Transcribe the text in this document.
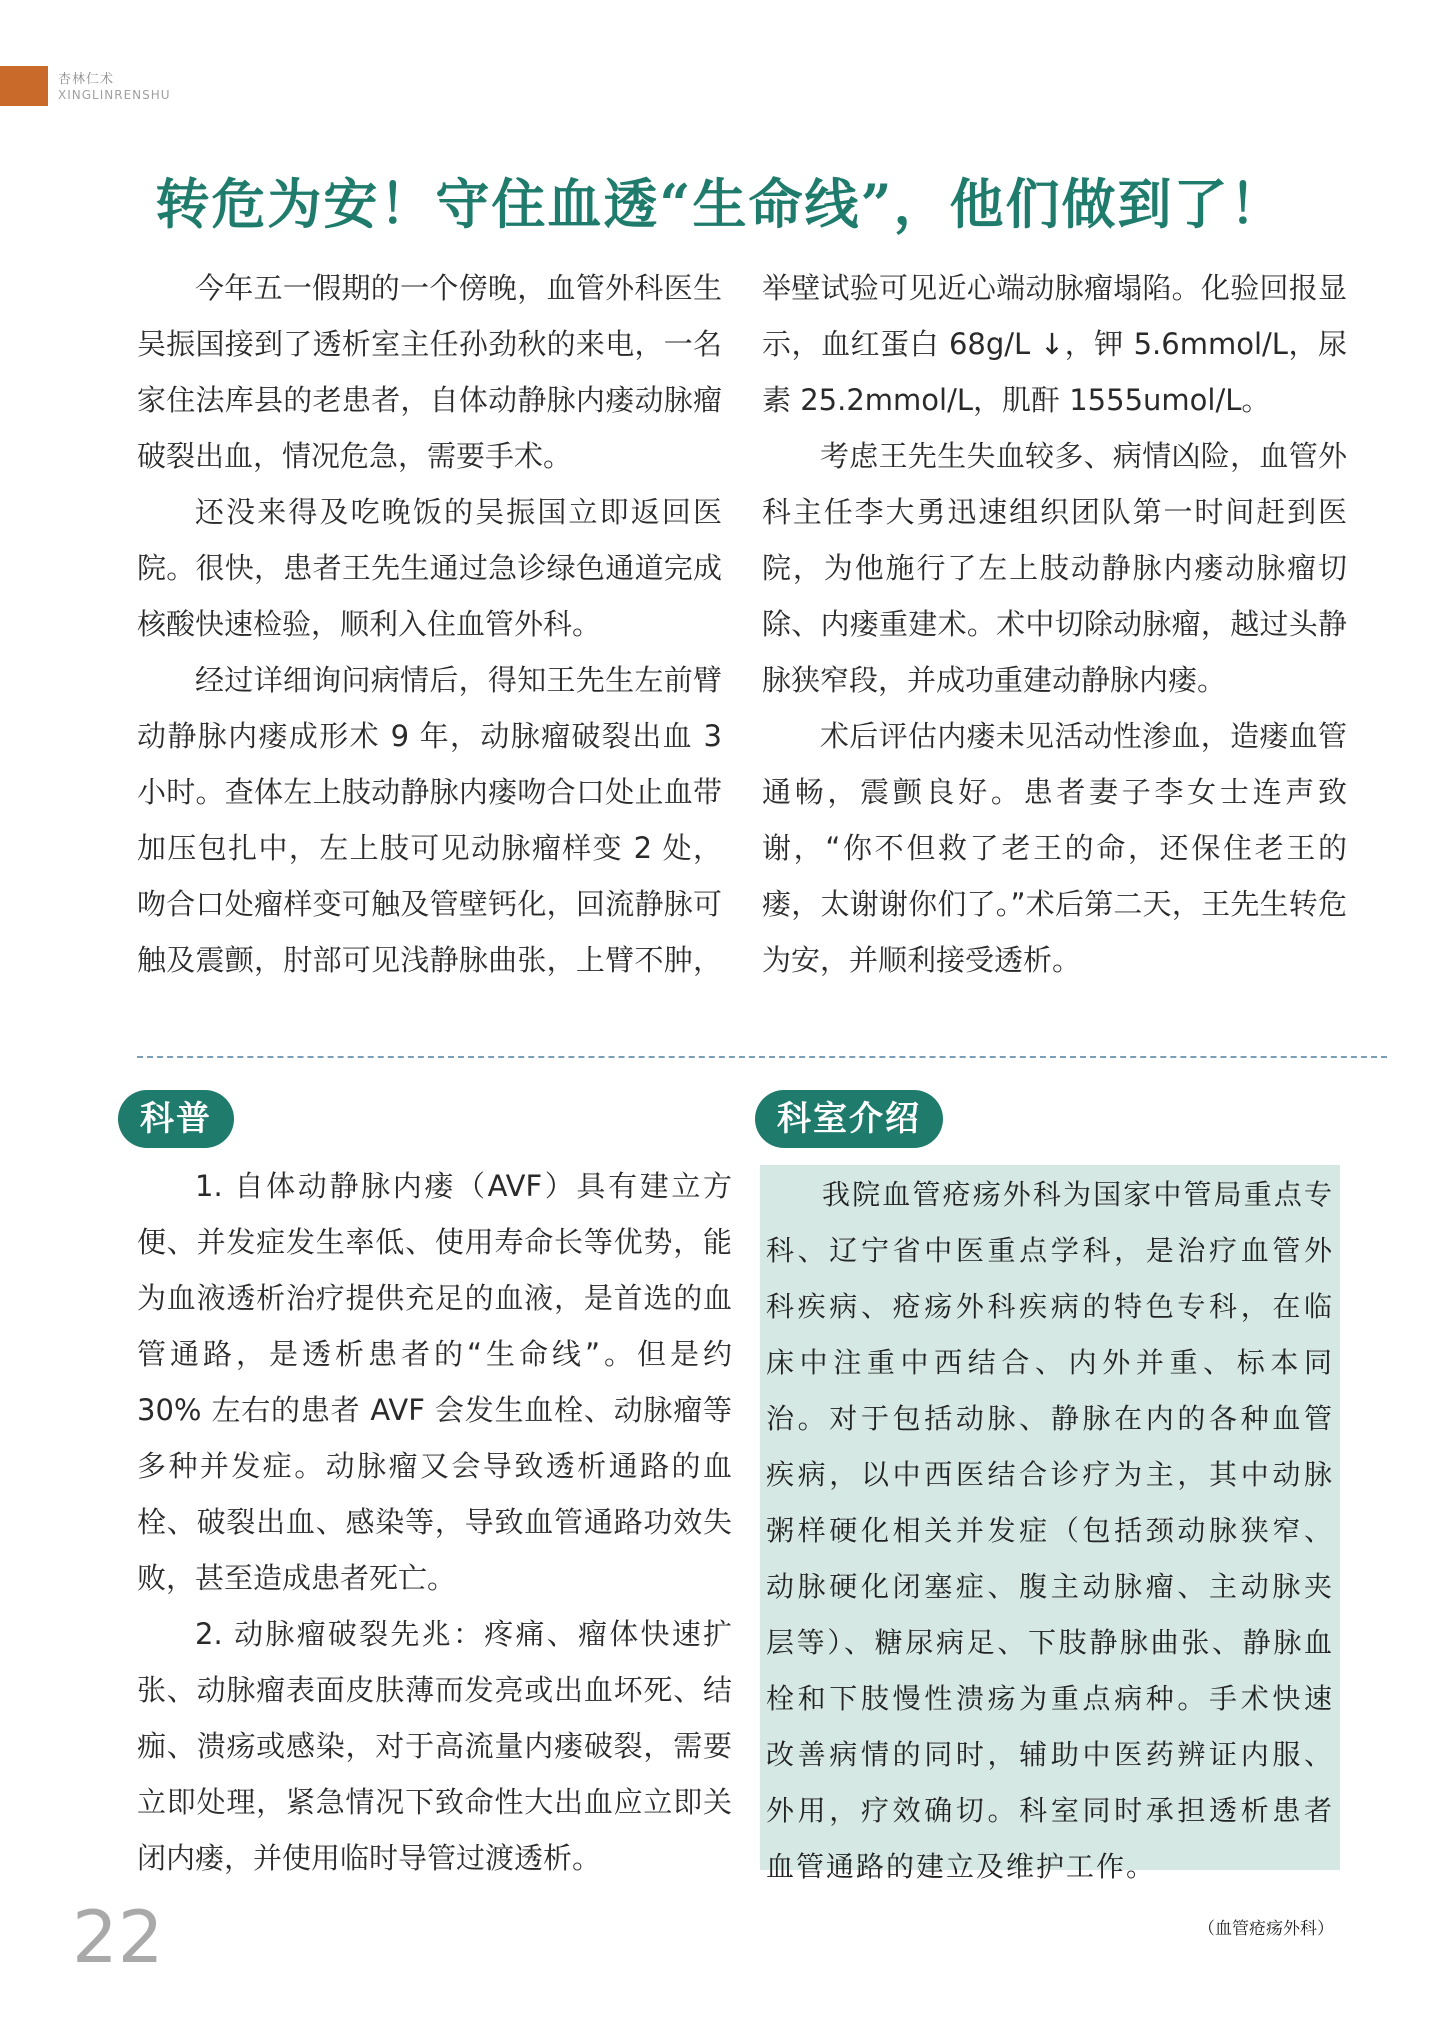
杏林仁术
XINGLINRENSHU
转危为安！守住血透“生命线”，他们做到了！

今年五一假期的一个傍晚，血管外科医生吴振国接到了透析室主任孙劲秋的来电，一名家住法库县的老患者，自体动静脉内瘘动脉瘤破裂出血，情况危急，需要手术。

还没来得及吃晚饭的吴振国立即返回医院。很快，患者王先生通过急诊绿色通道完成核酸快速检验，顺利入住血管外科。

经过详细询问病情后，得知王先生左前臂动静脉内瘘成形术 9 年，动脉瘤破裂出血 3 小时。查体左上肢动静脉内瘘吻合口处止血带加压包扎中，左上肢可见动脉瘤样变 2 处，吻合口处瘤样变可触及管壁钙化，回流静脉可触及震颤，肘部可见浅静脉曲张，上臂不肿，举壁试验可见近心端动脉瘤塌陷。化验回报显示，血红蛋白 68g/L ↓，钾 5.6mmol/L，尿素 25.2mmol/L，肌酐 1555umol/L。

考虑王先生失血较多、病情凶险，血管外科主任李大勇迅速组织团队第一时间赶到医院，为他施行了左上肢动静脉内瘘动脉瘤切除、内瘘重建术。术中切除动脉瘤，越过头静脉狭窄段，并成功重建动静脉内瘘。

术后评估内瘘未见活动性渗血，造瘘血管通畅，震颤良好。患者妻子李女士连声致谢，“你不但救了老王的命，还保住老王的瘘，太谢谢你们了。”术后第二天，王先生转危为安，并顺利接受透析。

科普	科室介绍

1. 自体动静脉内瘘（AVF）具有建立方便、并发症发生率低、使用寿命长等优势，能为血液透析治疗提供充足的血液，是首选的血管通路，是透析患者的“生命线”。但是约 30% 左右的患者 AVF 会发生血栓、动脉瘤等多种并发症。动脉瘤又会导致透析通路的血栓、破裂出血、感染等，导致血管通路功效失败，甚至造成患者死亡。

2. 动脉瘤破裂先兆：疼痛、瘤体快速扩张、动脉瘤表面皮肤薄而发亮或出血坏死、结痂、溃疡或感染，对于高流量内瘘破裂，需要立即处理，紧急情况下致命性大出血应立即关闭内瘘，并使用临时导管过渡透析。

我院血管疮疡外科为国家中管局重点专科、辽宁省中医重点学科，是治疗血管外科疾病、疮疡外科疾病的特色专科，在临床中注重中西结合、内外并重、标本同治。对于包括动脉、静脉在内的各种血管疾病，以中西医结合诊疗为主，其中动脉粥样硬化相关并发症（包括颈动脉狭窄、动脉硬化闭塞症、腹主动脉瘤、主动脉夹层等）、糖尿病足、下肢静脉曲张、静脉血栓和下肢慢性溃疡为重点病种。手术快速改善病情的同时，辅助中医药辨证内服、外用，疗效确切。科室同时承担透析患者血管通路的建立及维护工作。
（血管疮疡外科）

22
